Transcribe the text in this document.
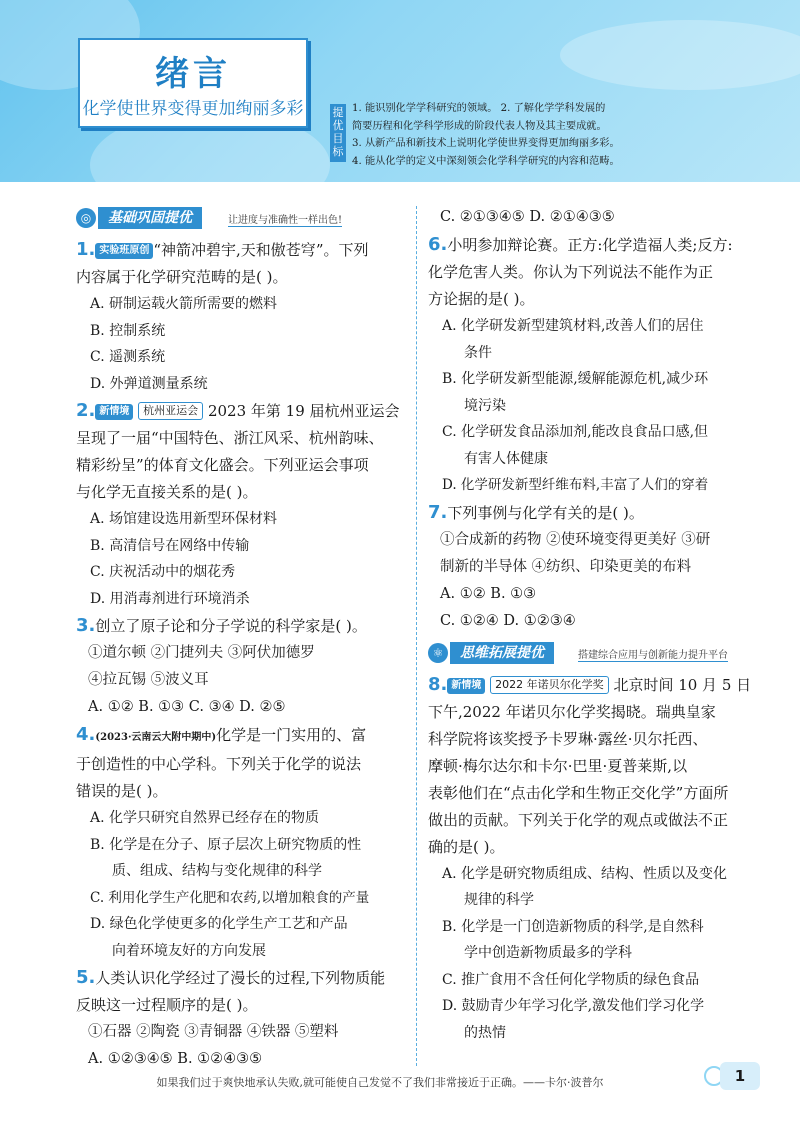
绪言
化学使世界变得更加绚丽多彩	提优目标
1. 能识别化学学科研究的领域。 2. 了解化学学科发展的
简要历程和化学科学形成的阶段代表人物及其主要成就。
3. 从新产品和新技术上说明化学使世界变得更加绚丽多彩。
4. 能从化学的定义中深刻领会化学科学研究的内容和范畴。
◎	基础巩固提优	让进度与准确性一样出色!
1. 实验班原创 “神箭冲碧宇,天和傲苍穹”。下列
内容属于化学研究范畴的是( )。
A. 研制运载火箭所需要的燃料
B. 控制系统
C. 遥测系统
D. 外弹道测量系统
2. 新情境 杭州亚运会 2023 年第 19 届杭州亚运会
呈现了一届“中国特色、浙江风采、杭州韵味、
精彩纷呈”的体育文化盛会。下列亚运会事项
与化学无直接关系的是( )。
A. 场馆建设选用新型环保材料
B. 高清信号在网络中传输
C. 庆祝活动中的烟花秀
D. 用消毒剂进行环境消杀
3.创立了原子论和分子学说的科学家是( )。
①道尔顿 ②门捷列夫 ③阿伏加德罗
④拉瓦锡 ⑤波义耳
A. ①② B. ①③ C. ③④ D. ②⑤
4.(2023·云南云大附中期中)化学是一门实用的、富
于创造性的中心学科。下列关于化学的说法
错误的是( )。
A. 化学只研究自然界已经存在的物质
B. 化学是在分子、原子层次上研究物质的性
质、组成、结构与变化规律的科学
C. 利用化学生产化肥和农药,以增加粮食的产量
D. 绿色化学使更多的化学生产工艺和产品
向着环境友好的方向发展
5.人类认识化学经过了漫长的过程,下列物质能
反映这一过程顺序的是( )。
①石器 ②陶瓷 ③青铜器 ④铁器 ⑤塑料
A. ①②③④⑤ B. ①②④③⑤
C. ②①③④⑤ D. ②①④③⑤
6.小明参加辩论赛。正方:化学造福人类;反方:
化学危害人类。你认为下列说法不能作为正
方论据的是( )。
A. 化学研发新型建筑材料,改善人们的居住
条件
B. 化学研发新型能源,缓解能源危机,减少环
境污染
C. 化学研发食品添加剂,能改良食品口感,但
有害人体健康
D. 化学研发新型纤维布料,丰富了人们的穿着
7.下列事例与化学有关的是( )。
①合成新的药物 ②使环境变得更美好 ③研
制新的半导体 ④纺织、印染更美的布料
A. ①② B. ①③
C. ①②④ D. ①②③④
⚛	思维拓展提优	搭建综合应用与创新能力提升平台
8. 新情境 2022 年诺贝尔化学奖 北京时间 10 月 5 日
下午,2022 年诺贝尔化学奖揭晓。瑞典皇家
科学院将该奖授予卡罗琳·露丝·贝尔托西、
摩顿·梅尔达尔和卡尔·巴里·夏普莱斯,以
表彰他们在“点击化学和生物正交化学”方面所
做出的贡献。下列关于化学的观点或做法不正
确的是( )。
A. 化学是研究物质组成、结构、性质以及变化
规律的科学
B. 化学是一门创造新物质的科学,是自然科
学中创造新物质最多的学科
C. 推广食用不含任何化学物质的绿色食品
D. 鼓励青少年学习化学,激发他们学习化学
的热情
如果我们过于爽快地承认失败,就可能使自己发觉不了我们非常接近于正确。——卡尔·波普尔	1
